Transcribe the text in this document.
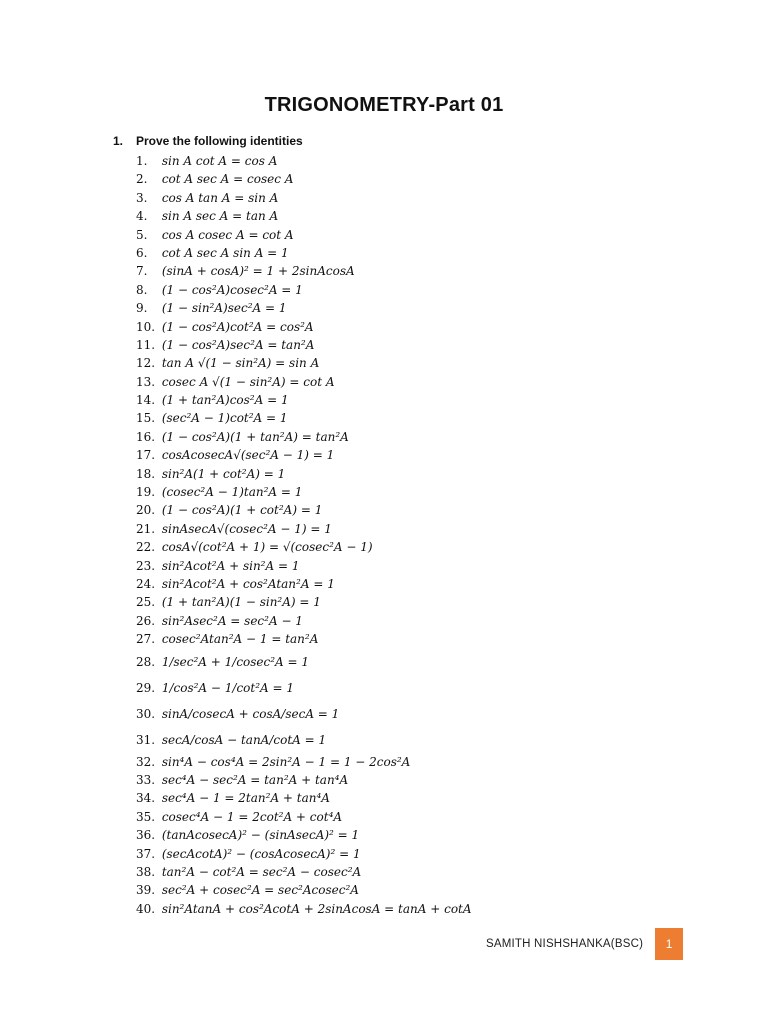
TRIGONOMETRY-Part 01
1. Prove the following identities
1. sin A cot A = cos A
2. cot A sec A = cosec A
3. cos A tan A = sin A
4. sin A sec A = tan A
5. cos A cosec A = cot A
6. cot A sec A sin A = 1
7. (sinA + cosA)² = 1 + 2sinAcosA
8. (1 − cos²A)cosec²A = 1
9. (1 − sin²A)sec²A = 1
10. (1 − cos²A)cot²A = cos²A
11. (1 − cos²A)sec²A = tan²A
12. tan A √(1 − sin²A) = sin A
13. cosec A √(1 − sin²A) = cot A
14. (1 + tan²A)cos²A = 1
15. (sec²A − 1)cot²A = 1
16. (1 − cos²A)(1 + tan²A) = tan²A
17. cosAcosecA√(sec²A − 1) = 1
18. sin²A(1 + cot²A) = 1
19. (cosec²A − 1)tan²A = 1
20. (1 − cos²A)(1 + cot²A) = 1
21. sinAsecA√(cosec²A − 1) = 1
22. cosA√(cot²A + 1) = √(cosec²A − 1)
23. sin²Acot²A + sin²A = 1
24. sin²Acot²A + cos²Atan²A = 1
25. (1 + tan²A)(1 − sin²A) = 1
26. sin²Asec²A = sec²A − 1
27. cosec²Atan²A − 1 = tan²A
28. 1/sec²A + 1/cosec²A = 1
29. 1/cos²A − 1/cot²A = 1
30. sinA/cosecA + cosA/secA = 1
31. secA/cosA − tanA/cotA = 1
32. sin⁴A − cos⁴A = 2sin²A − 1 = 1 − 2cos²A
33. sec⁴A − sec²A = tan²A + tan⁴A
34. sec⁴A − 1 = 2tan²A + tan⁴A
35. cosec⁴A − 1 = 2cot²A + cot⁴A
36. (tanAcosecA)² − (sinAsecA)² = 1
37. (secAcotA)² − (cosAcosecA)² = 1
38. tan²A − cot²A = sec²A − cosec²A
39. sec²A + cosec²A = sec²Acosec²A
40. sin²AtanA + cos²AcotA + 2sinAcosA = tanA + cotA
SAMITH NISHSHANKA(BSC)	1
